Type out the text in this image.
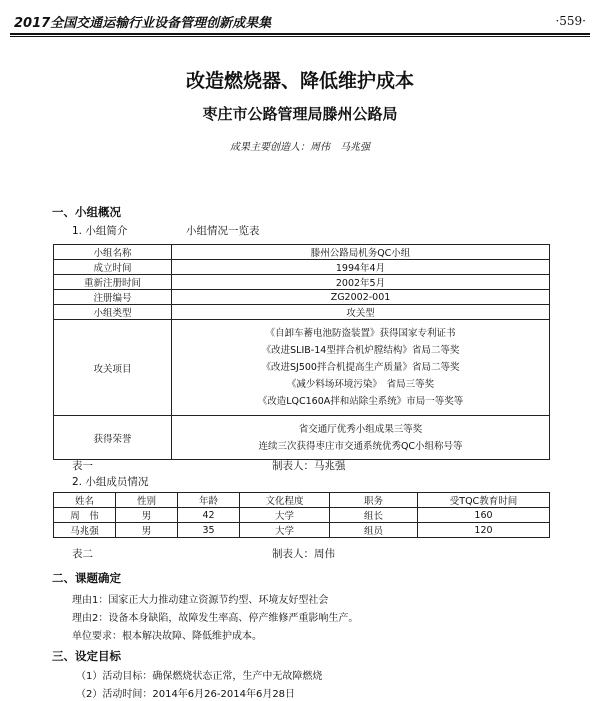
2017全国交通运输行业设备管理创新成果集	·559·
改造燃烧器、降低维护成本
枣庄市公路管理局滕州公路局
成果主要创造人：周伟　马兆强
一、小组概况
1. 小组简介	小组情况一览表
小组名称	滕州公路局机务QC小组
成立时间	1994年4月
重新注册时间	2002年5月
注册编号	ZG2002-001
小组类型	攻关型
攻关项目	《自卸车蓄电池防盗装置》获得国家专利证书
《改进SLIB-14型拌合机炉膛结构》省局二等奖
《改进SJ500拌合机提高生产质量》省局二等奖
《减少料场环境污染》　省局三等奖
《改造LQC160A拌和站除尘系统》市局一等奖等

获得荣誉	省交通厅优秀小组成果三等奖
连续三次获得枣庄市交通系统优秀QC小组称号等
表一	制表人：马兆强
2. 小组成员情况
姓名	性别	年龄	文化程度	职务	受TQC教育时间
周　伟	男	42	大学	组长	160
马兆强	男	35	大学	组员	120
表二	制表人：周伟
二、课题确定
理由1：国家正大力推动建立资源节约型、环境友好型社会
理由2：设备本身缺陷，故障发生率高、停产维修严重影响生产。
单位要求：根本解决故障、降低维护成本。
三、设定目标
（1）活动目标：确保燃烧状态正常，生产中无故障燃烧
（2）活动时间：2014年6月26-2014年6月28日
